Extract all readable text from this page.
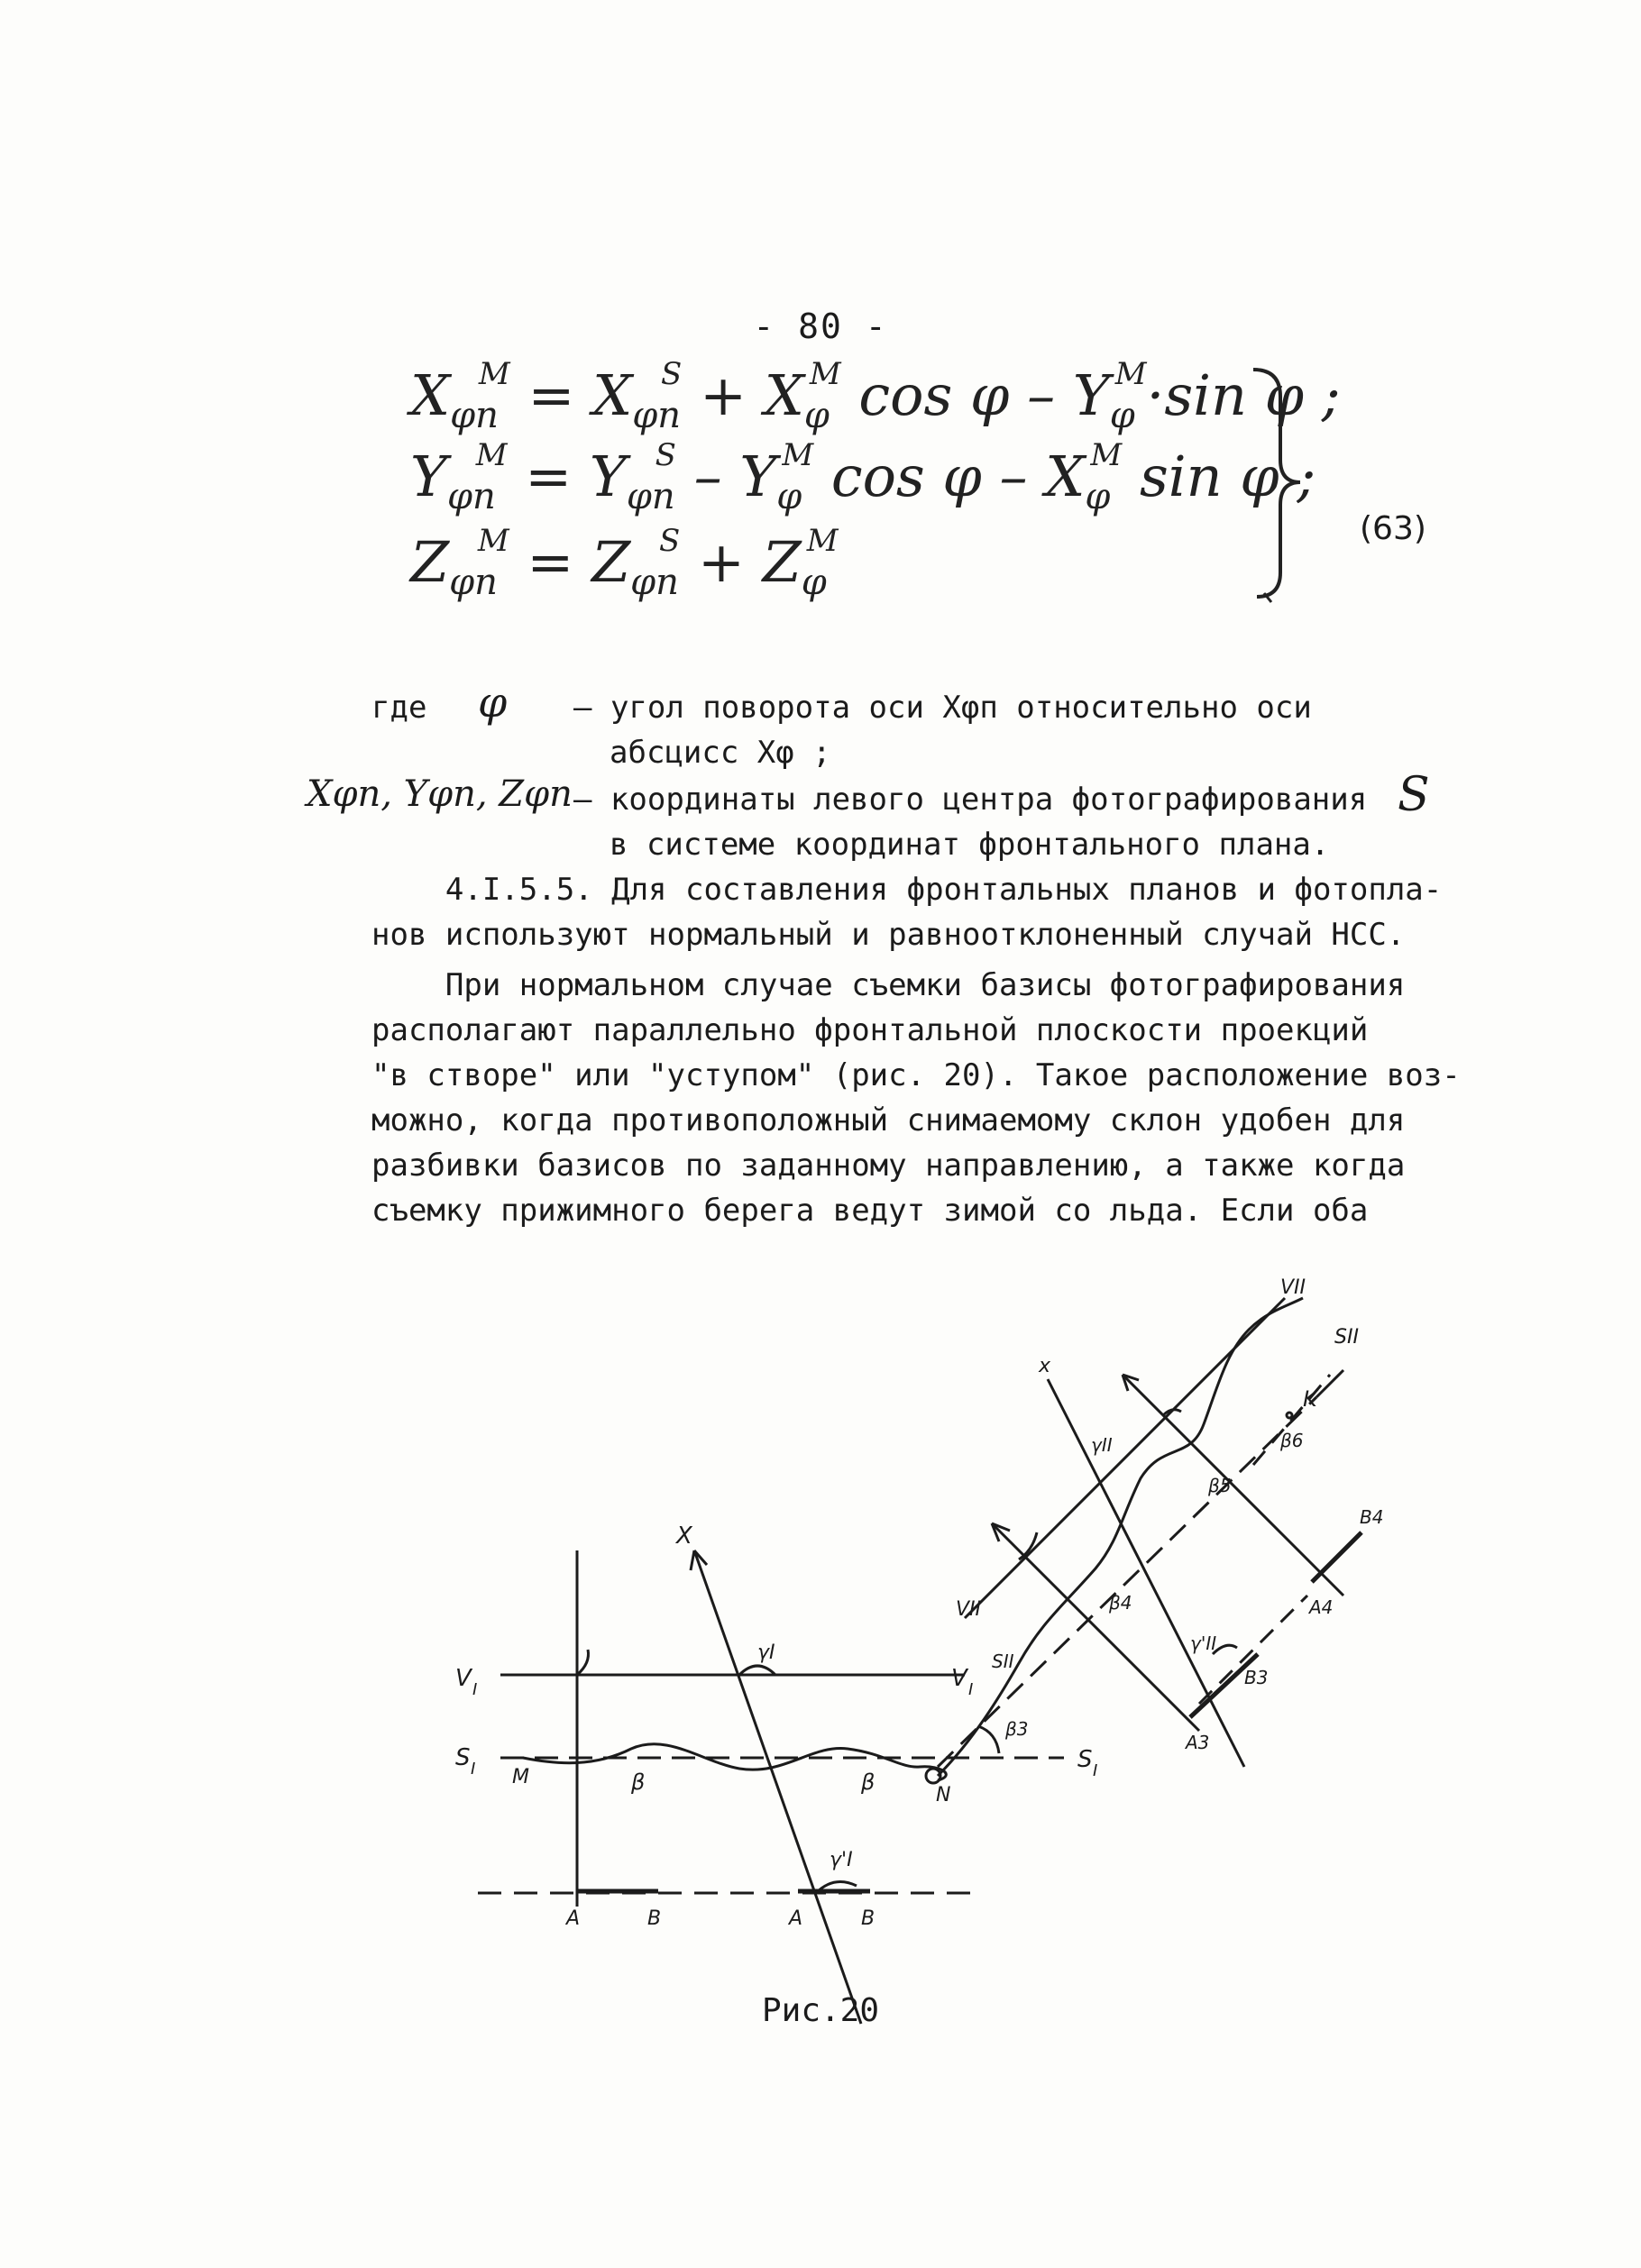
- 80 -
$X_{\varphi п}^M = X_{\varphi п}^S + X_\varphi^M$ $\cos \varphi - Y_\varphi^M\cdot\sin$ φ ;
$Y_{\varphi п}^M = Y_{\varphi п}^S - Y_\varphi^M$ cos φ – $X_\varphi^M$ sin φ ;
$Z_{\varphi п}^M = Z_{\varphi п}^S + Z_\varphi^M$	(63)
где φ – угол поворота оси Xφп относительно оси
абсцисс Xφ ;
Xφп, Yφп, Zφп – координаты левого центра фотографирования S
в системе координат фронтального плана.
4.I.5.5. Для составления фронтальных планов и фотопла-
нов используют нормальный и равноотклоненный случай НСС.
При нормальном случае съемки базисы фотографирования
располагают параллельно фронтальной плоскости проекций
"в створе" или "уступом" (рис. 20). Такое расположение воз-
можно, когда противоположный снимаемому склон удобен для
разбивки базисов по заданному направлению, а также когда
съемку прижимного берега ведут зимой со льда. Если оба
V I	V I
S I	S I
M
N
X
x
K
A	B	A	B
A3
B3
A4
B4
β	β
β3
β4
β5
β6
γI
γ'I
γII
γ'II
VII
VII
SII
SII
Рис.20
